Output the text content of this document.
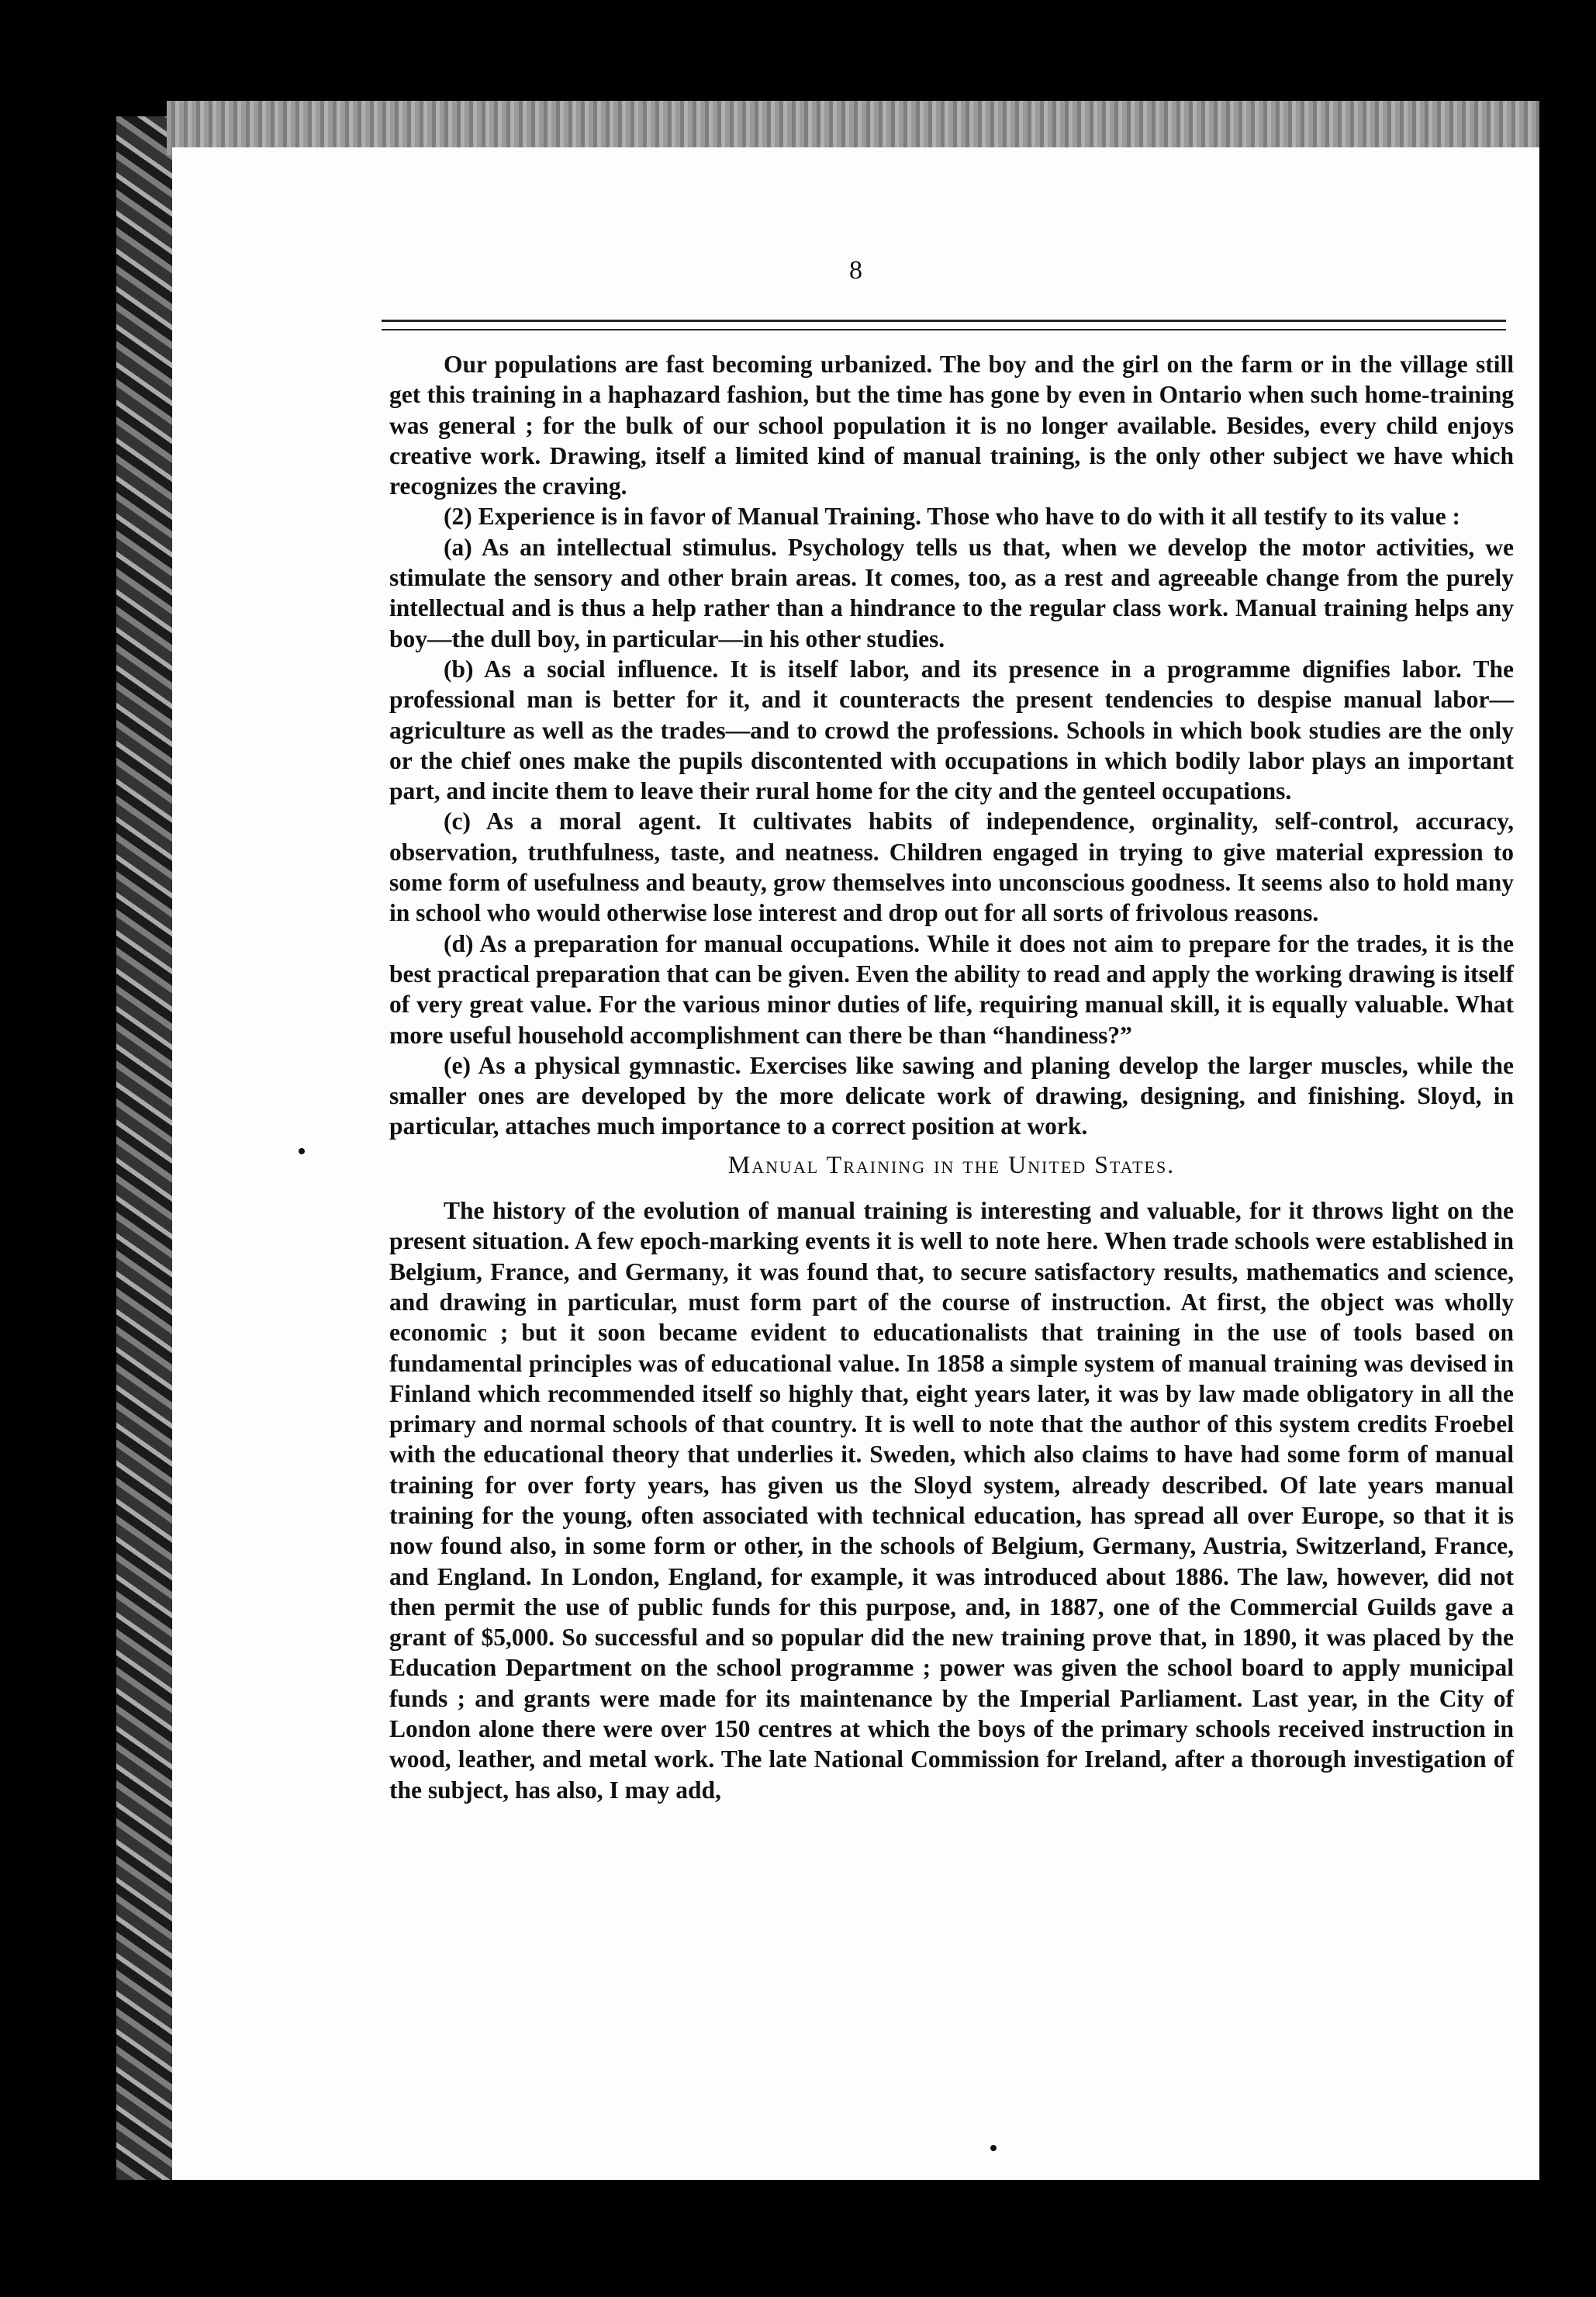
8

Our populations are fast becoming urbanized. The boy and the girl on the farm or in the village still get this training in a haphazard fashion, but the time has gone by even in Ontario when such home-training was general ; for the bulk of our school population it is no longer available. Besides, every child enjoys creative work. Drawing, itself a limited kind of manual training, is the only other subject we have which recognizes the craving.

(2) Experience is in favor of Manual Training. Those who have to do with it all testify to its value :

(a) As an intellectual stimulus. Psychology tells us that, when we develop the motor activities, we stimulate the sensory and other brain areas. It comes, too, as a rest and agreeable change from the purely intellectual and is thus a help rather than a hindrance to the regular class work. Manual training helps any boy—the dull boy, in particular—in his other studies.

(b) As a social influence. It is itself labor, and its presence in a programme dignifies labor. The professional man is better for it, and it counteracts the present tendencies to despise manual labor—agriculture as well as the trades—and to crowd the professions. Schools in which book studies are the only or the chief ones make the pupils discontented with occupations in which bodily labor plays an important part, and incite them to leave their rural home for the city and the genteel occupations.

(c) As a moral agent. It cultivates habits of independence, orginality, self-control, accuracy, observation, truthfulness, taste, and neatness. Children engaged in trying to give material expression to some form of usefulness and beauty, grow themselves into unconscious goodness. It seems also to hold many in school who would otherwise lose interest and drop out for all sorts of frivolous reasons.

(d) As a preparation for manual occupations. While it does not aim to prepare for the trades, it is the best practical preparation that can be given. Even the ability to read and apply the working drawing is itself of very great value. For the various minor duties of life, requiring manual skill, it is equally valuable. What more useful household accomplishment can there be than “handiness?”

(e) As a physical gymnastic. Exercises like sawing and planing develop the larger muscles, while the smaller ones are developed by the more delicate work of drawing, designing, and finishing. Sloyd, in particular, attaches much importance to a correct position at work.

Manual Training in the United States.

The history of the evolution of manual training is interesting and valuable, for it throws light on the present situation. A few epoch-marking events it is well to note here. When trade schools were established in Belgium, France, and Germany, it was found that, to secure satisfactory results, mathematics and science, and drawing in particular, must form part of the course of instruction. At first, the object was wholly economic ; but it soon became evident to educationalists that training in the use of tools based on fundamental principles was of educational value. In 1858 a simple system of manual training was devised in Finland which recommended itself so highly that, eight years later, it was by law made obligatory in all the primary and normal schools of that country. It is well to note that the author of this system credits Froebel with the educational theory that underlies it. Sweden, which also claims to have had some form of manual training for over forty years, has given us the Sloyd system, already described. Of late years manual training for the young, often associated with technical education, has spread all over Europe, so that it is now found also, in some form or other, in the schools of Belgium, Germany, Austria, Switzerland, France, and England. In London, England, for example, it was introduced about 1886. The law, however, did not then permit the use of public funds for this purpose, and, in 1887, one of the Commercial Guilds gave a grant of $5,000. So successful and so popular did the new training prove that, in 1890, it was placed by the Education Department on the school programme ; power was given the school board to apply municipal funds ; and grants were made for its maintenance by the Imperial Parliament. Last year, in the City of London alone there were over 150 centres at which the boys of the primary schools received instruction in wood, leather, and metal work. The late National Commission for Ireland, after a thorough investigation of the subject, has also, I may add,
